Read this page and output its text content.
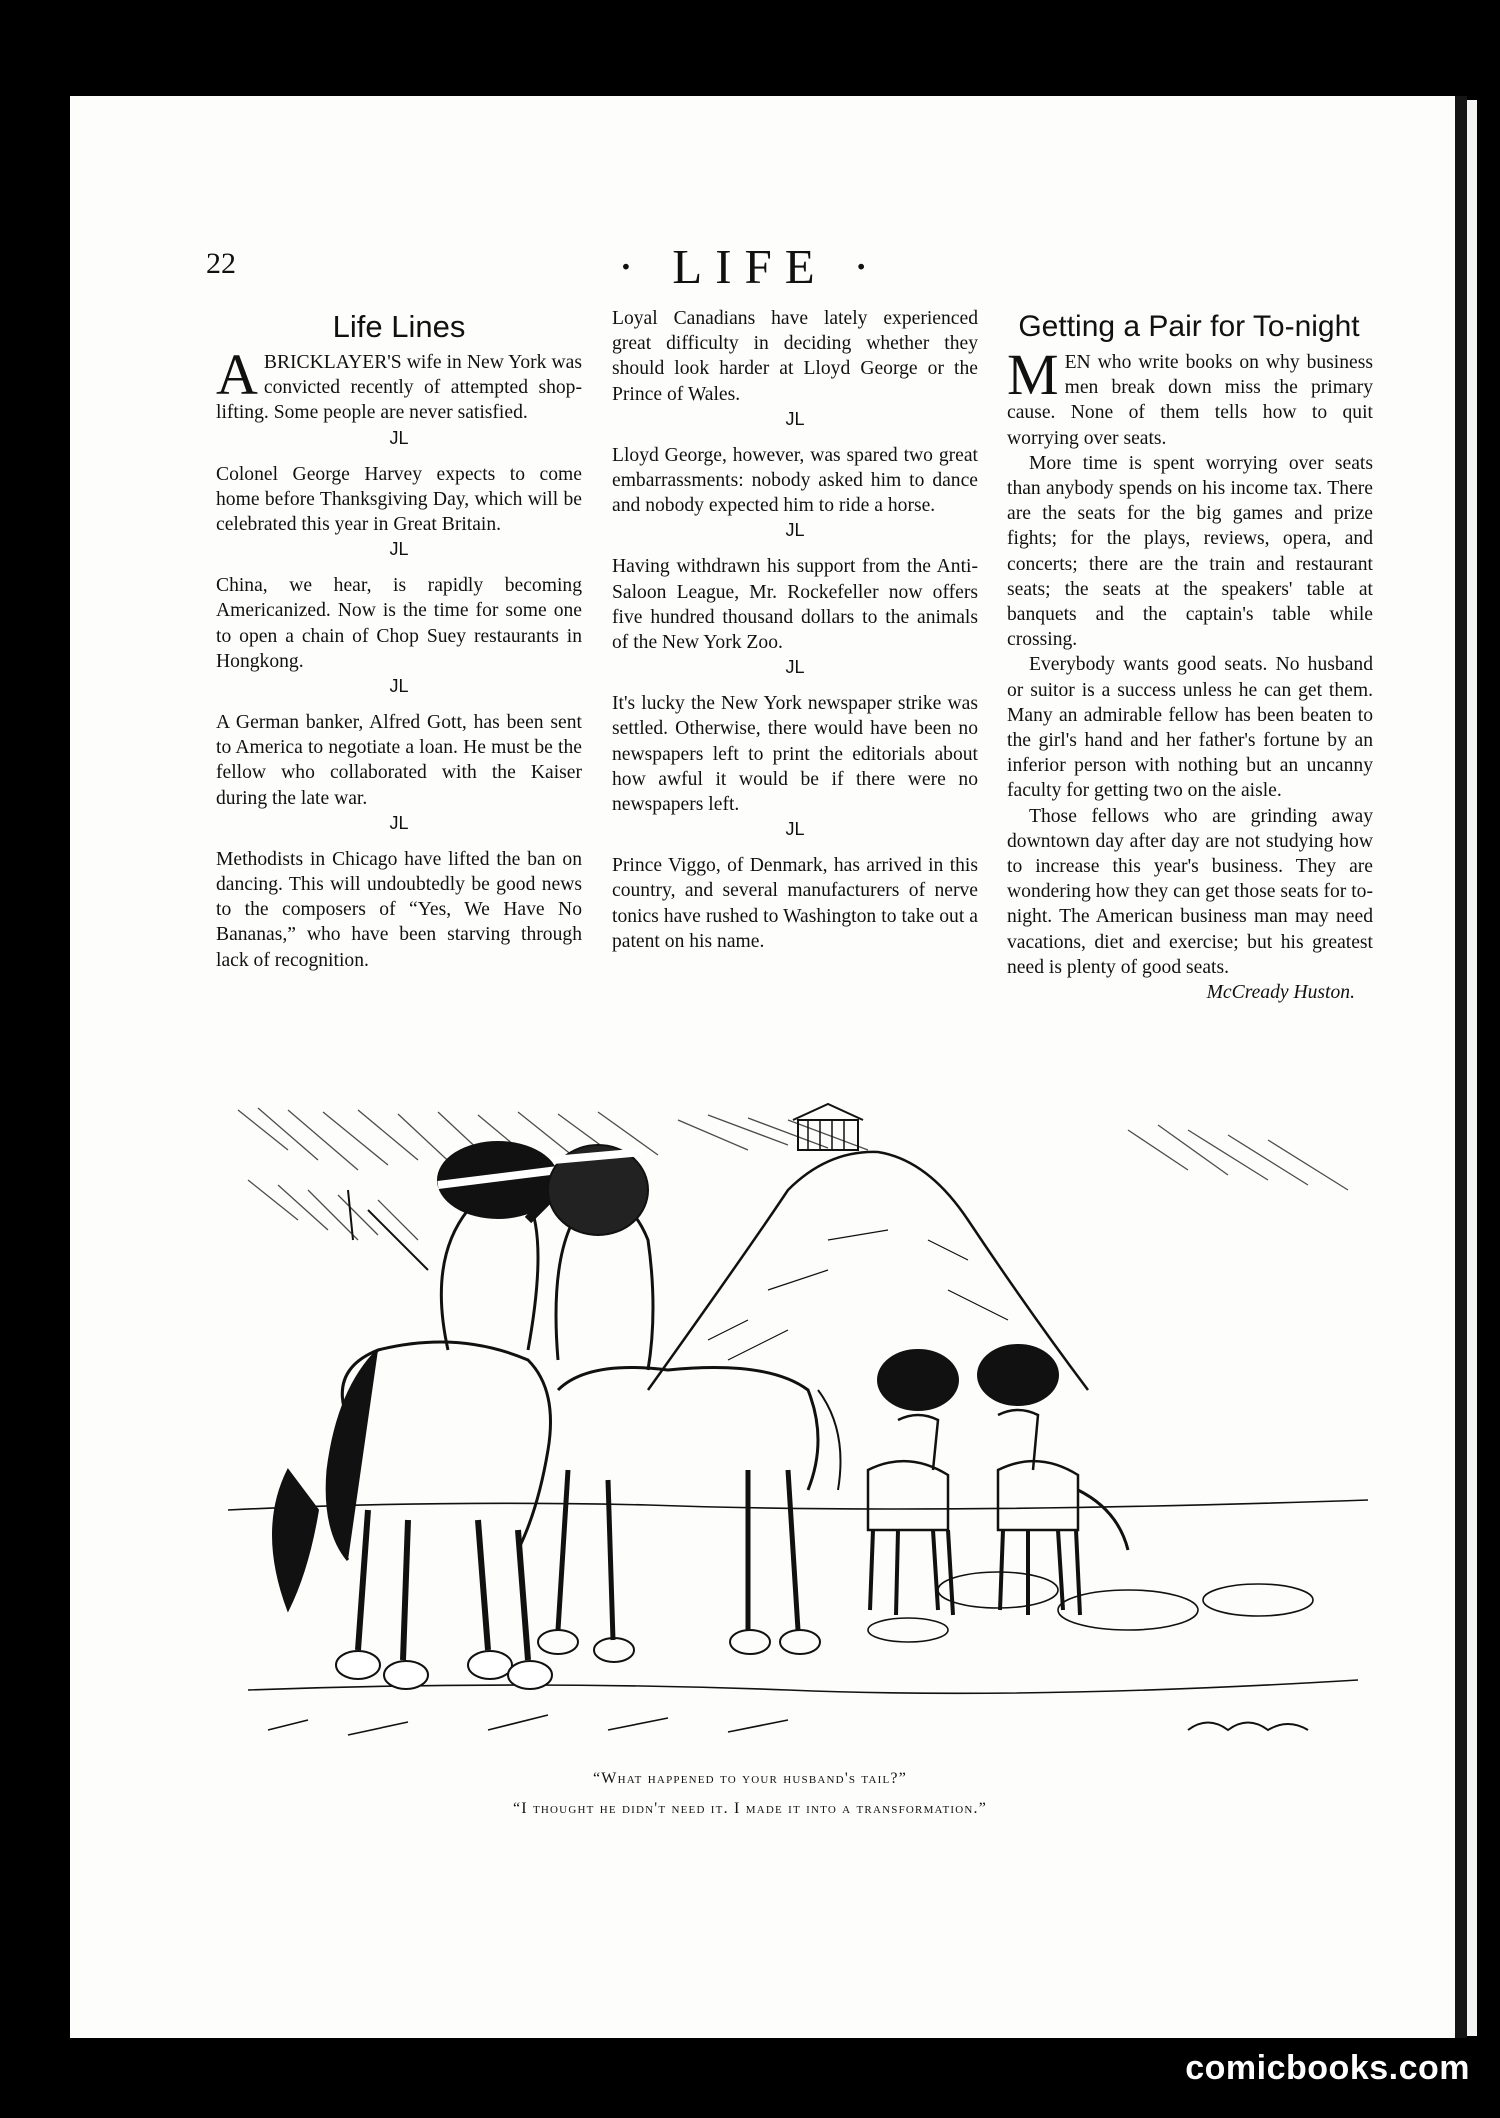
22	· LIFE ·
Life Lines

A BRICKLAYER'S wife in New York was convicted recently of attempted shop-lifting. Some people are never satisfied.

JL

Colonel George Harvey expects to come home before Thanksgiving Day, which will be celebrated this year in Great Britain.

JL

China, we hear, is rapidly becoming Americanized. Now is the time for some one to open a chain of Chop Suey restaurants in Hongkong.

JL

A German banker, Alfred Gott, has been sent to America to negotiate a loan. He must be the fellow who collaborated with the Kaiser during the late war.

JL

Methodists in Chicago have lifted the ban on dancing. This will undoubtedly be good news to the composers of “Yes, We Have No Bananas,” who have been starving through lack of recognition.

Loyal Canadians have lately experienced great difficulty in deciding whether they should look harder at Lloyd George or the Prince of Wales.

JL

Lloyd George, however, was spared two great embarrassments: nobody asked him to dance and nobody expected him to ride a horse.

JL

Having withdrawn his support from the Anti-Saloon League, Mr. Rockefeller now offers five hundred thousand dollars to the animals of the New York Zoo.

JL

It's lucky the New York newspaper strike was settled. Otherwise, there would have been no newspapers left to print the editorials about how awful it would be if there were no newspapers left.

JL

Prince Viggo, of Denmark, has arrived in this country, and several manufacturers of nerve tonics have rushed to Washington to take out a patent on his name.

Getting a Pair for To-night

MEN who write books on why business men break down miss the primary cause. None of them tells how to quit worrying over seats.

More time is spent worrying over seats than anybody spends on his income tax. There are the seats for the big games and prize fights; for the plays, reviews, opera, and concerts; there are the train and restaurant seats; the seats at the speakers' table at banquets and the captain's table while crossing.

Everybody wants good seats. No husband or suitor is a success unless he can get them. Many an admirable fellow has been beaten to the girl's hand and her father's fortune by an inferior person with nothing but an uncanny faculty for getting two on the aisle.

Those fellows who are grinding away downtown day after day are not studying how to increase this year's business. They are wondering how they can get those seats for to-night. The American business man may need vacations, diet and exercise; but his greatest need is plenty of good seats.

McCready Huston.
“What happened to your husband's tail?”
“I thought he didn't need it. I made it into a transformation.”
comicbooks.com
